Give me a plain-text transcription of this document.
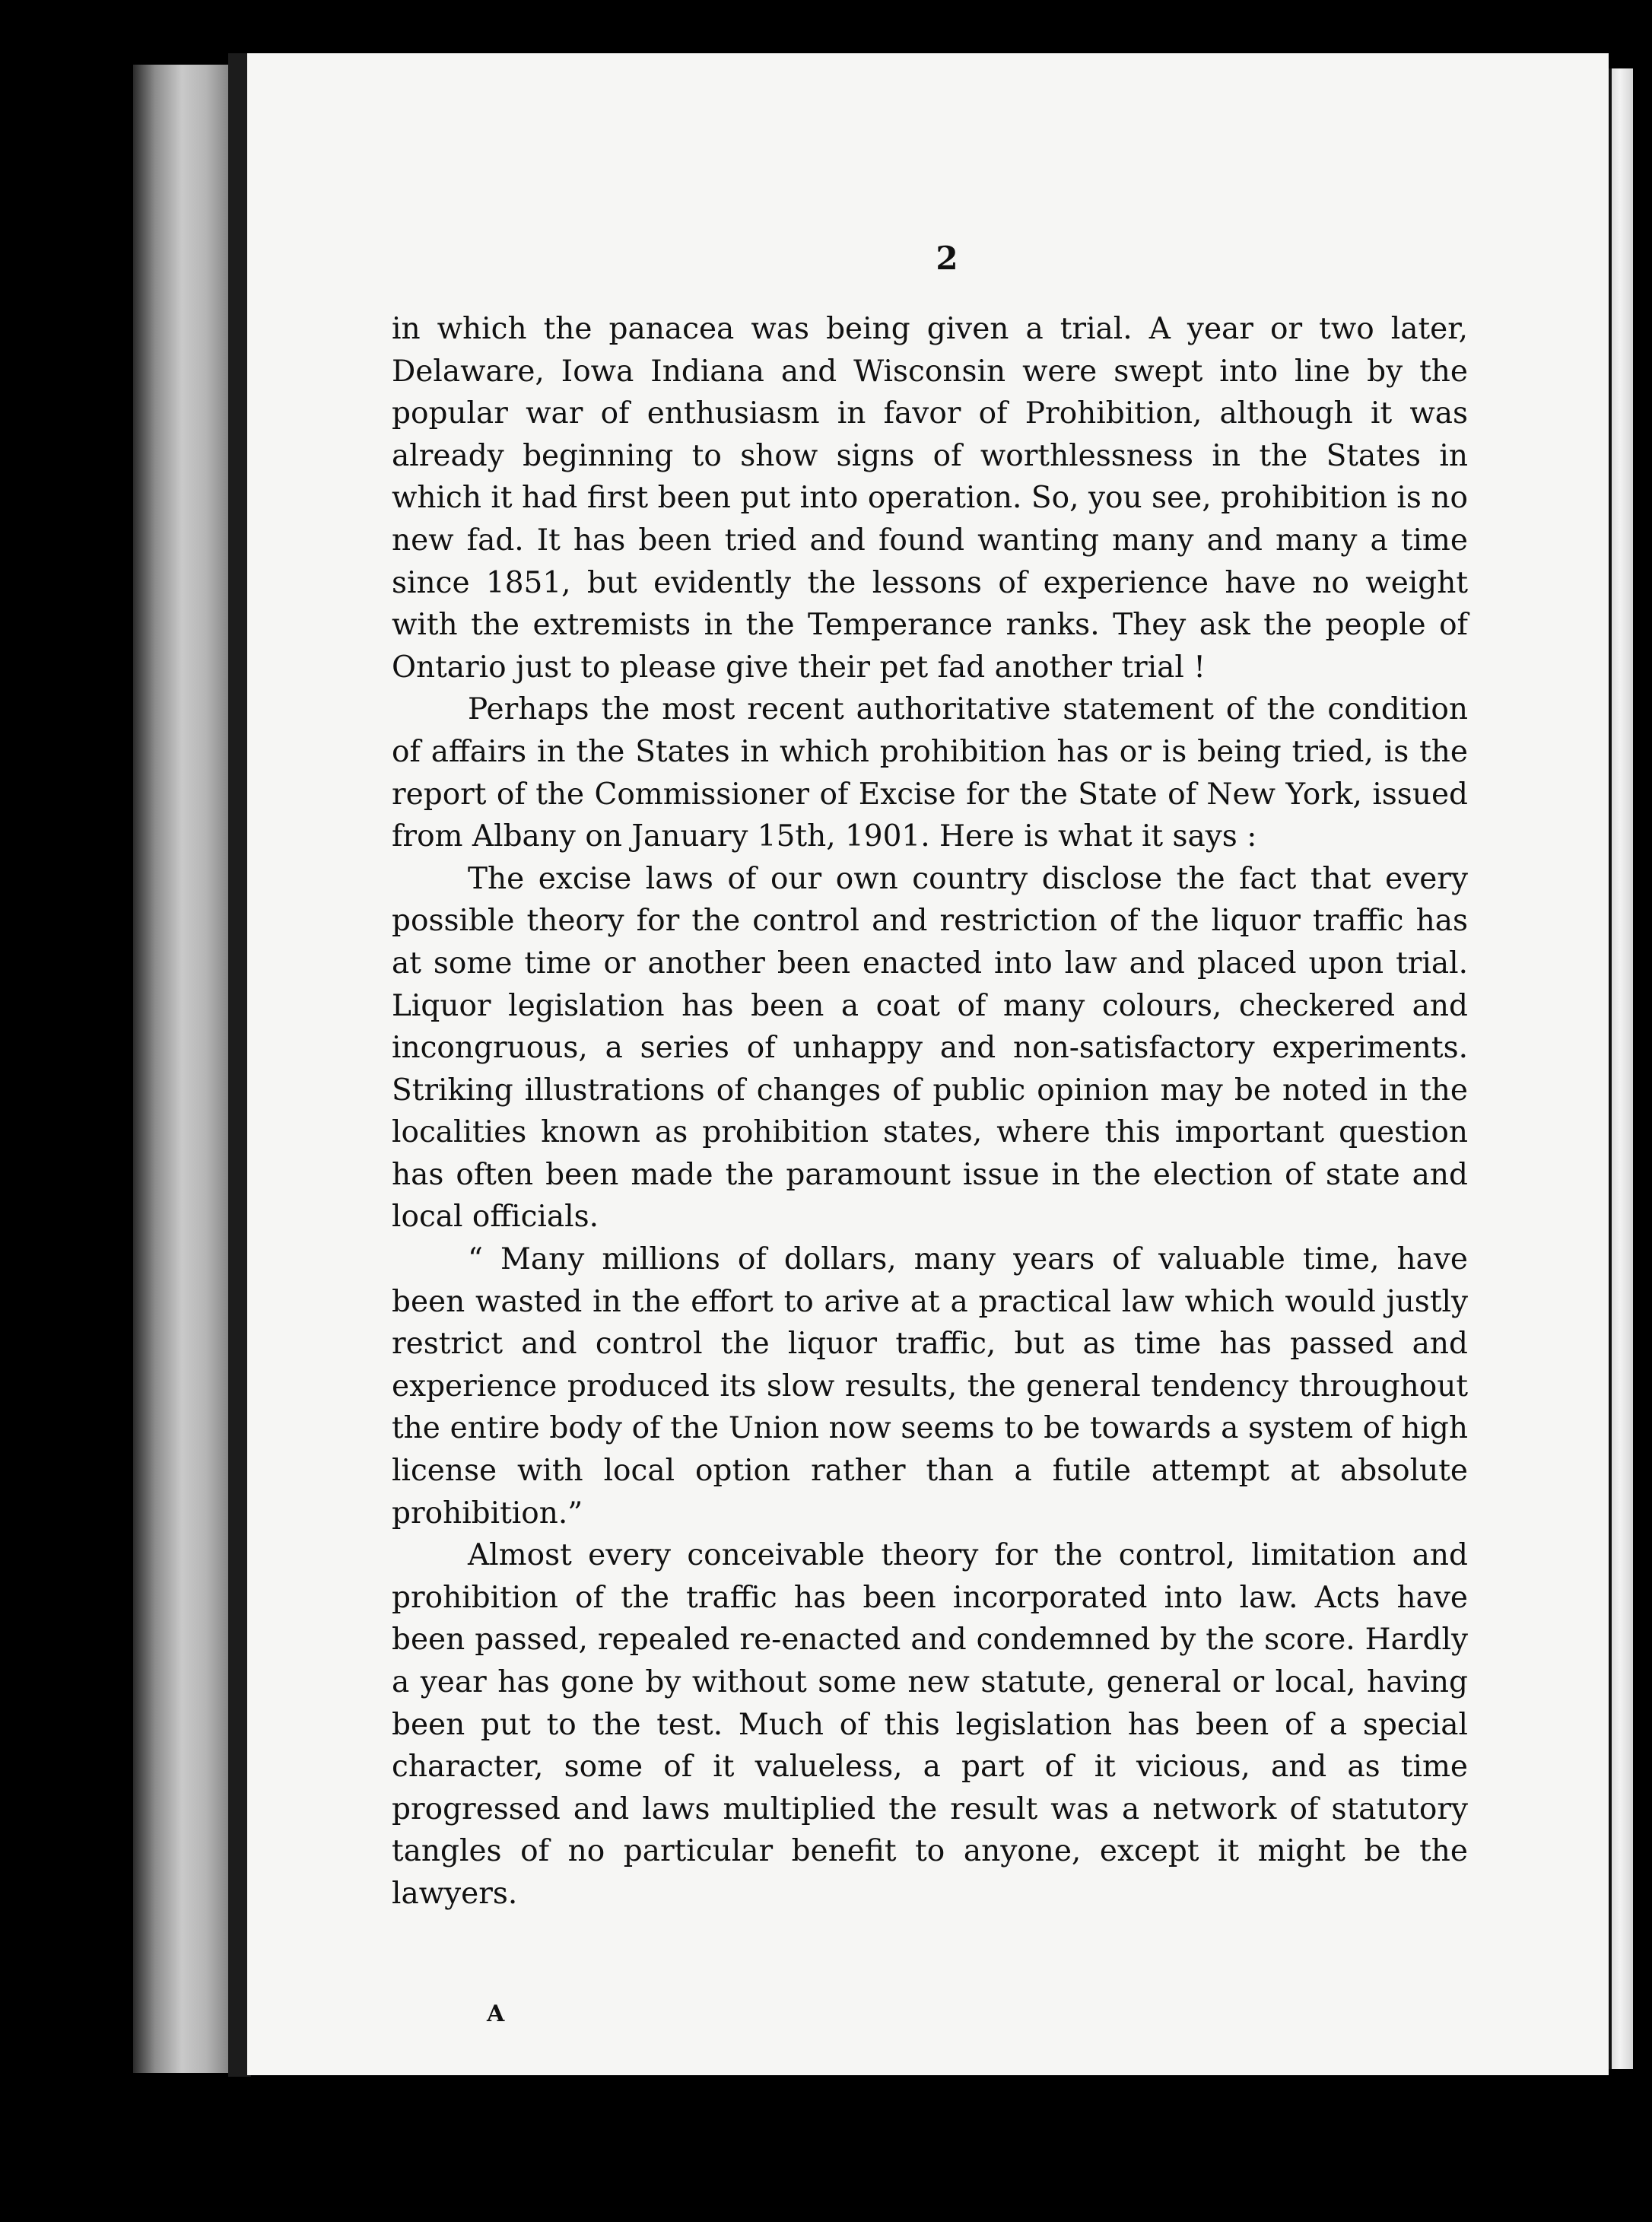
2

in which the panacea was being given a trial. A year or two later, Delaware, Iowa Indiana and Wisconsin were swept into line by the popular war of enthusiasm in favor of Prohibition, although it was already beginning to show signs of worthlessness in the States in which it had first been put into operation. So, you see, prohibition is no new fad. It has been tried and found wanting many and many a time since 1851, but evidently the lessons of experience have no weight with the extremists in the Temperance ranks. They ask the people of Ontario just to please give their pet fad another trial !

Perhaps the most recent authoritative statement of the condition of affairs in the States in which prohibition has or is being tried, is the report of the Commissioner of Excise for the State of New York, issued from Albany on January 15th, 1901. Here is what it says :

The excise laws of our own country disclose the fact that every possible theory for the control and restriction of the liquor traffic has at some time or another been enacted into law and placed upon trial. Liquor legislation has been a coat of many colours, checkered and incongruous, a series of unhappy and non-satisfactory experiments. Striking illustrations of changes of public opinion may be noted in the localities known as prohibition states, where this important question has often been made the paramount issue in the election of state and local officials.

“ Many millions of dollars, many years of valuable time, have been wasted in the effort to arive at a practical law which would justly restrict and control the liquor traffic, but as time has passed and experience produced its slow results, the general tendency throughout the entire body of the Union now seems to be towards a system of high license with local option rather than a futile attempt at absolute prohibition.”

Almost every conceivable theory for the control, limitation and prohibition of the traffic has been incorporated into law. Acts have been passed, repealed re-enacted and condemned by the score. Hardly a year has gone by without some new statute, general or local, having been put to the test. Much of this legislation has been of a special character, some of it valueless, a part of it vicious, and as time progressed and laws multiplied the result was a network of statutory tangles of no particular benefit to anyone, except it might be the lawyers.

A
